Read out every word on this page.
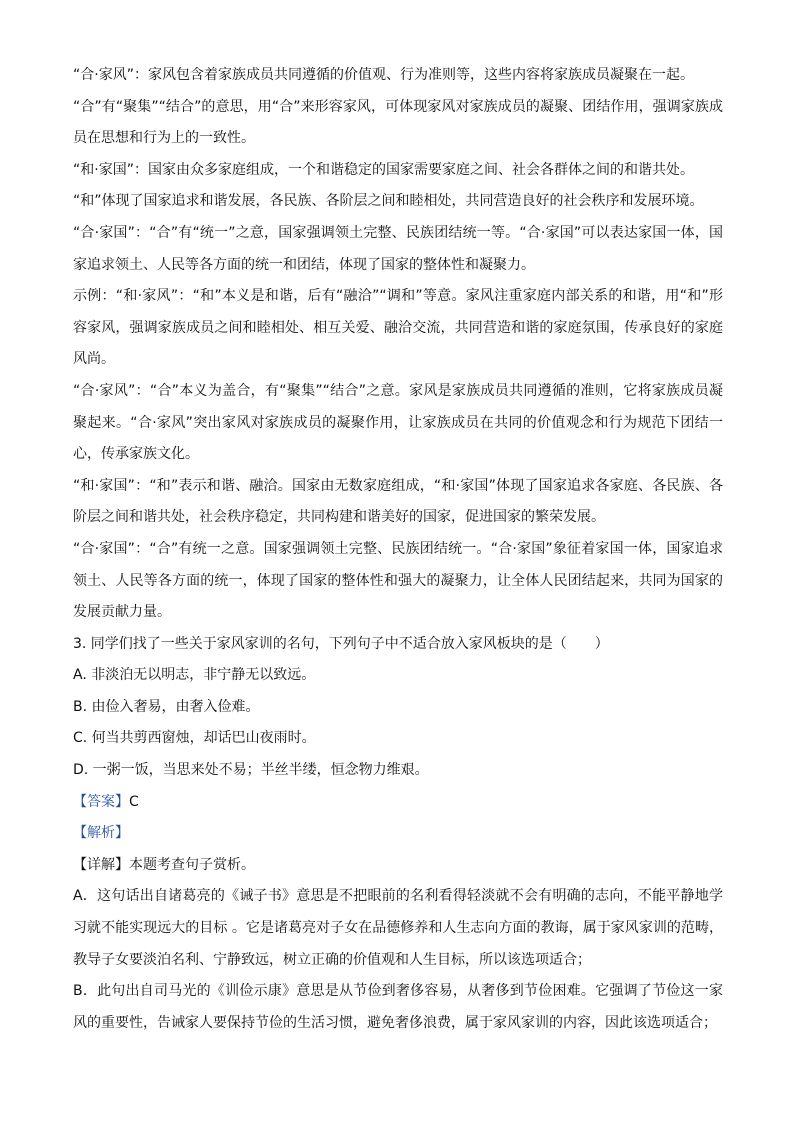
“合·家风”：家风包含着家族成员共同遵循的价值观、行为准则等，这些内容将家族成员凝聚在一起。

“合”有“聚集”“结合”的意思，用“合”来形容家风，可体现家风对家族成员的凝聚、团结作用，强调家族成员在思想和行为上的一致性。

“和·家国”：国家由众多家庭组成，一个和谐稳定的国家需要家庭之间、社会各群体之间的和谐共处。

“和”体现了国家追求和谐发展，各民族、各阶层之间和睦相处，共同营造良好的社会秩序和发展环境。

“合·家国”：“合”有“统一”之意，国家强调领土完整、民族团结统一等。“合·家国”可以表达家国一体，国家追求领土、人民等各方面的统一和团结，体现了国家的整体性和凝聚力。

示例：“和·家风”：“和”本义是和谐，后有“融洽”“调和”等意。家风注重家庭内部关系的和谐，用“和”形容家风，强调家族成员之间和睦相处、相互关爱、融洽交流，共同营造和谐的家庭氛围，传承良好的家庭风尚。

“合·家风”：“合”本义为盖合，有“聚集”“结合”之意。家风是家族成员共同遵循的准则，它将家族成员凝聚起来。“合·家风”突出家风对家族成员的凝聚作用，让家族成员在共同的价值观念和行为规范下团结一心，传承家族文化。

“和·家国”：“和”表示和谐、融洽。国家由无数家庭组成，“和·家国”体现了国家追求各家庭、各民族、各阶层之间和谐共处，社会秩序稳定，共同构建和谐美好的国家，促进国家的繁荣发展。

“合·家国”：“合”有统一之意。国家强调领土完整、民族团结统一。“合·家国”象征着家国一体，国家追求领土、人民等各方面的统一，体现了国家的整体性和强大的凝聚力，让全体人民团结起来，共同为国家的发展贡献力量。

3. 同学们找了一些关于家风家训的名句，下列句子中不适合放入家风板块的是（　　）

A. 非淡泊无以明志，非宁静无以致远。

B. 由俭入奢易，由奢入俭难。

C. 何当共剪西窗烛，却话巴山夜雨时。

D. 一粥一饭，当思来处不易；半丝半缕，恒念物力维艰。

【答案】C

【解析】

【详解】本题考查句子赏析。

A．这句话出自诸葛亮的《诫子书》意思是不把眼前的名利看得轻淡就不会有明确的志向，不能平静地学习就不能实现远大的目标 。它是诸葛亮对子女在品德修养和人生志向方面的教诲，属于家风家训的范畴，教导子女要淡泊名利、宁静致远，树立正确的价值观和人生目标，所以该选项适合；

B．此句出自司马光的《训俭示康》意思是从节俭到奢侈容易，从奢侈到节俭困难。它强调了节俭这一家风的重要性，告诫家人要保持节俭的生活习惯，避免奢侈浪费，属于家风家训的内容，因此该选项适合；
